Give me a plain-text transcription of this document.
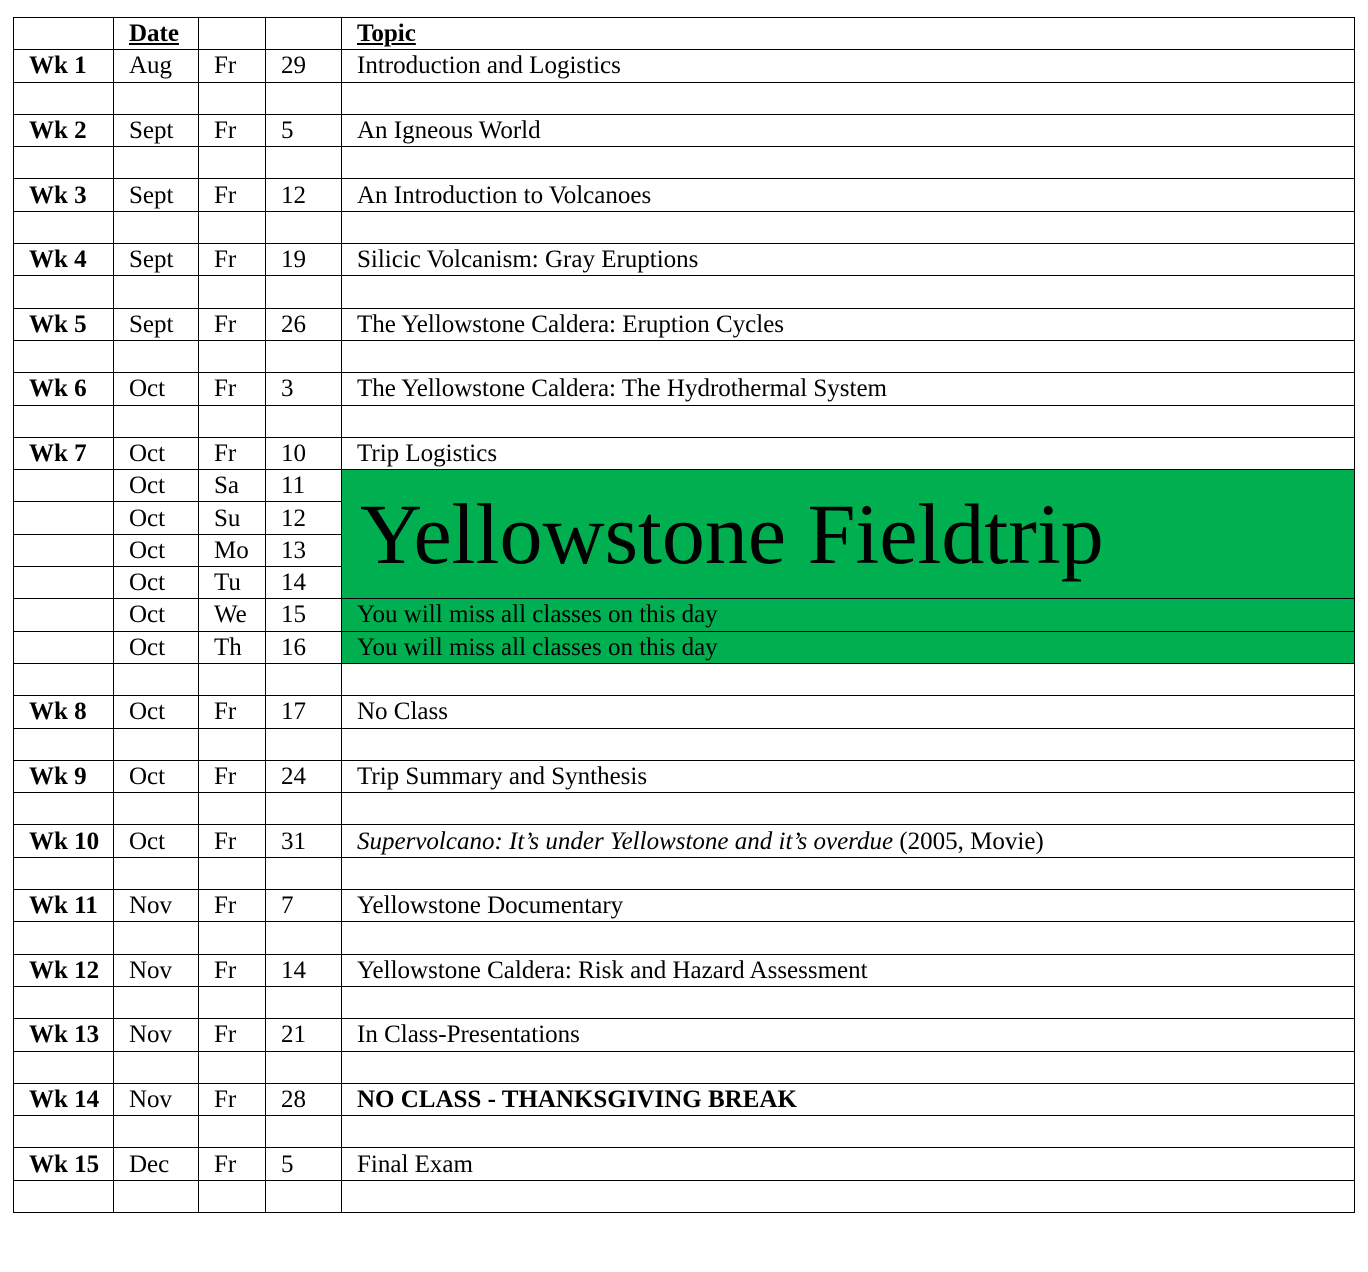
	Date			Topic
Wk 1	Aug	Fr	29	Introduction and Logistics

Wk 2	Sept	Fr	5	An Igneous World

Wk 3	Sept	Fr	12	An Introduction to Volcanoes

Wk 4	Sept	Fr	19	Silicic Volcanism: Gray Eruptions

Wk 5	Sept	Fr	26	The Yellowstone Caldera: Eruption Cycles

Wk 6	Oct	Fr	3	The Yellowstone Caldera: The Hydrothermal System

Wk 7	Oct	Fr	10	Trip Logistics
	Oct	Sa	11	Yellowstone Fieldtrip
	Oct	Su	12	
	Oct	Mo	13	
	Oct	Tu	14	
	Oct	We	15	You will miss all classes on this day
	Oct	Th	16	You will miss all classes on this day

Wk 8	Oct	Fr	17	No Class

Wk 9	Oct	Fr	24	Trip Summary and Synthesis

Wk 10	Oct	Fr	31	Supervolcano: It’s under Yellowstone and it’s overdue (2005, Movie)

Wk 11	Nov	Fr	7	Yellowstone Documentary

Wk 12	Nov	Fr	14	Yellowstone Caldera: Risk and Hazard Assessment

Wk 13	Nov	Fr	21	In Class-Presentations

Wk 14	Nov	Fr	28	NO CLASS - THANKSGIVING BREAK

Wk 15	Dec	Fr	5	Final Exam
